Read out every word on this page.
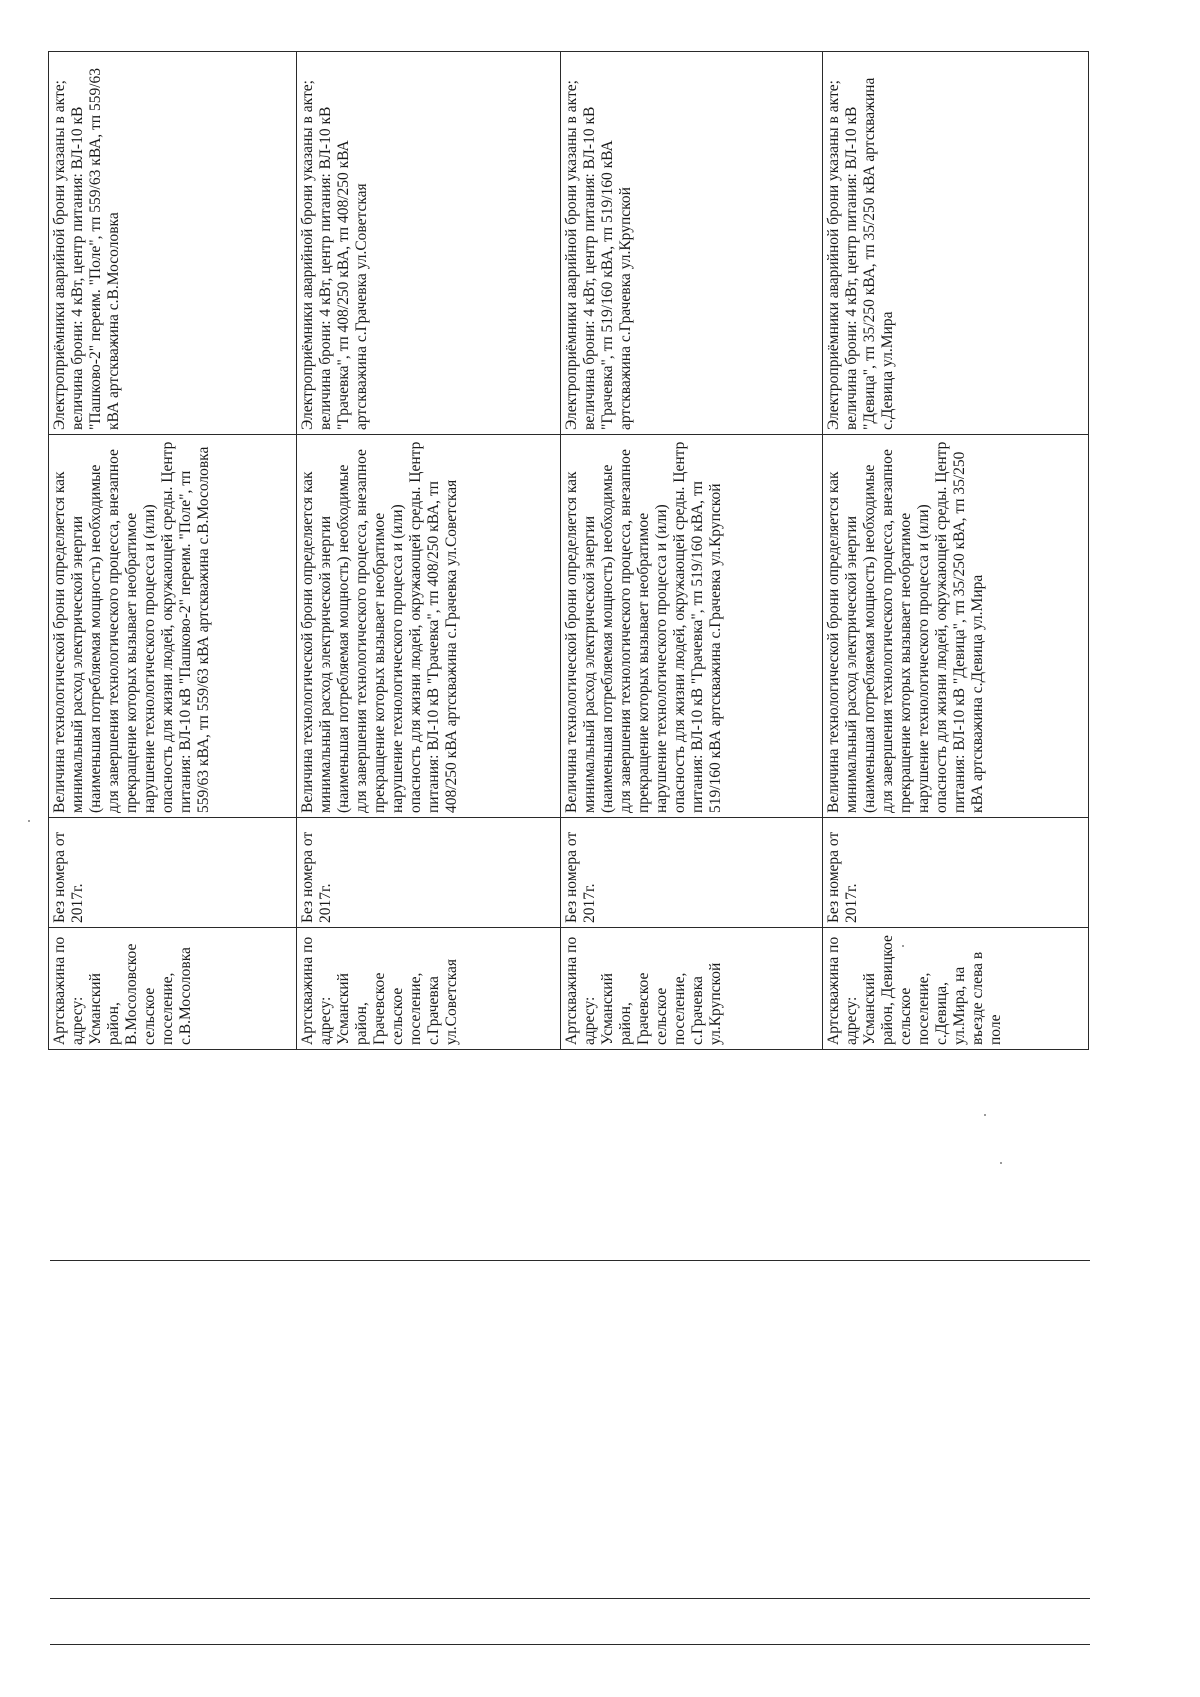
Артскважина по адресу: Усманский район, В.Мосоловское сельское поселение, с.В.Мосоловка	Без номера от 2017г.	Величина технологической брони определяется как минимальный расход электрической энергии (наименьшая потребляемая мощность) необходимые для завершения технологического процесса, внезапное прекращение которых вызывает необратимое нарушение технологического процесса и (или) опасность для жизни людей, окружающей среды. Центр питания: ВЛ-10 кВ "Пашково-2" переим. "Поле", тп 559/63 кВА, тп 559/63 кВА артскважина с.В.Мосоловка	Электроприёмники аварийной брони указаны в акте; величина брони: 4 кВт, центр питания: ВЛ-10 кВ "Пашково-2" переим. "Поле", тп 559/63 кВА, тп 559/63 кВА артскважина с.В.Мосоловка
Артскважина по адресу: Усманский район, Грачевское сельское поселение, с.Грачевка ул.Советская	Без номера от 2017г.	Величина технологической брони определяется как минимальный расход электрической энергии (наименьшая потребляемая мощность) необходимые для завершения технологического процесса, внезапное прекращение которых вызывает необратимое нарушение технологического процесса и (или) опасность для жизни людей, окружающей среды. Центр питания: ВЛ-10 кВ "Грачевка", тп 408/250 кВА, тп 408/250 кВА артскважина с.Грачевка ул.Советская	Электроприёмники аварийной брони указаны в акте; величина брони: 4 кВт, центр питания: ВЛ-10 кВ "Грачевка", тп 408/250 кВА, тп 408/250 кВА артскважина с.Грачевка ул.Советская
Артскважина по адресу: Усманский район, Грачевское сельское поселение, с.Грачевка ул.Крупской	Без номера от 2017г.	Величина технологической брони определяется как минимальный расход электрической энергии (наименьшая потребляемая мощность) необходимые для завершения технологического процесса, внезапное прекращение которых вызывает необратимое нарушение технологического процесса и (или) опасность для жизни людей, окружающей среды. Центр питания: ВЛ-10 кВ "Грачевка", тп 519/160 кВА, тп 519/160 кВА артскважина с.Грачевка ул.Крупской	Электроприёмники аварийной брони указаны в акте; величина брони: 4 кВт, центр питания: ВЛ-10 кВ "Грачевка", тп 519/160 кВА, тп 519/160 кВА артскважина с.Грачевка ул.Крупской
Артскважина по адресу: Усманский район, Девицкое сельское поселение, с.Девица, ул.Мира, на въезде слева в поле	Без номера от 2017г.	Величина технологической брони определяется как минимальный расход электрической энергии (наименьшая потребляемая мощность) необходимые для завершения технологического процесса, внезапное прекращение которых вызывает необратимое нарушение технологического процесса и (или) опасность для жизни людей, окружающей среды. Центр питания: ВЛ-10 кВ "Девица", тп 35/250 кВА, тп 35/250 кВА артскважина с.Девица ул.Мира	Электроприёмники аварийной брони указаны в акте; величина брони: 4 кВт, центр питания: ВЛ-10 кВ "Девица", тп 35/250 кВА, тп 35/250 кВА артскважина с.Девица ул.Мира
